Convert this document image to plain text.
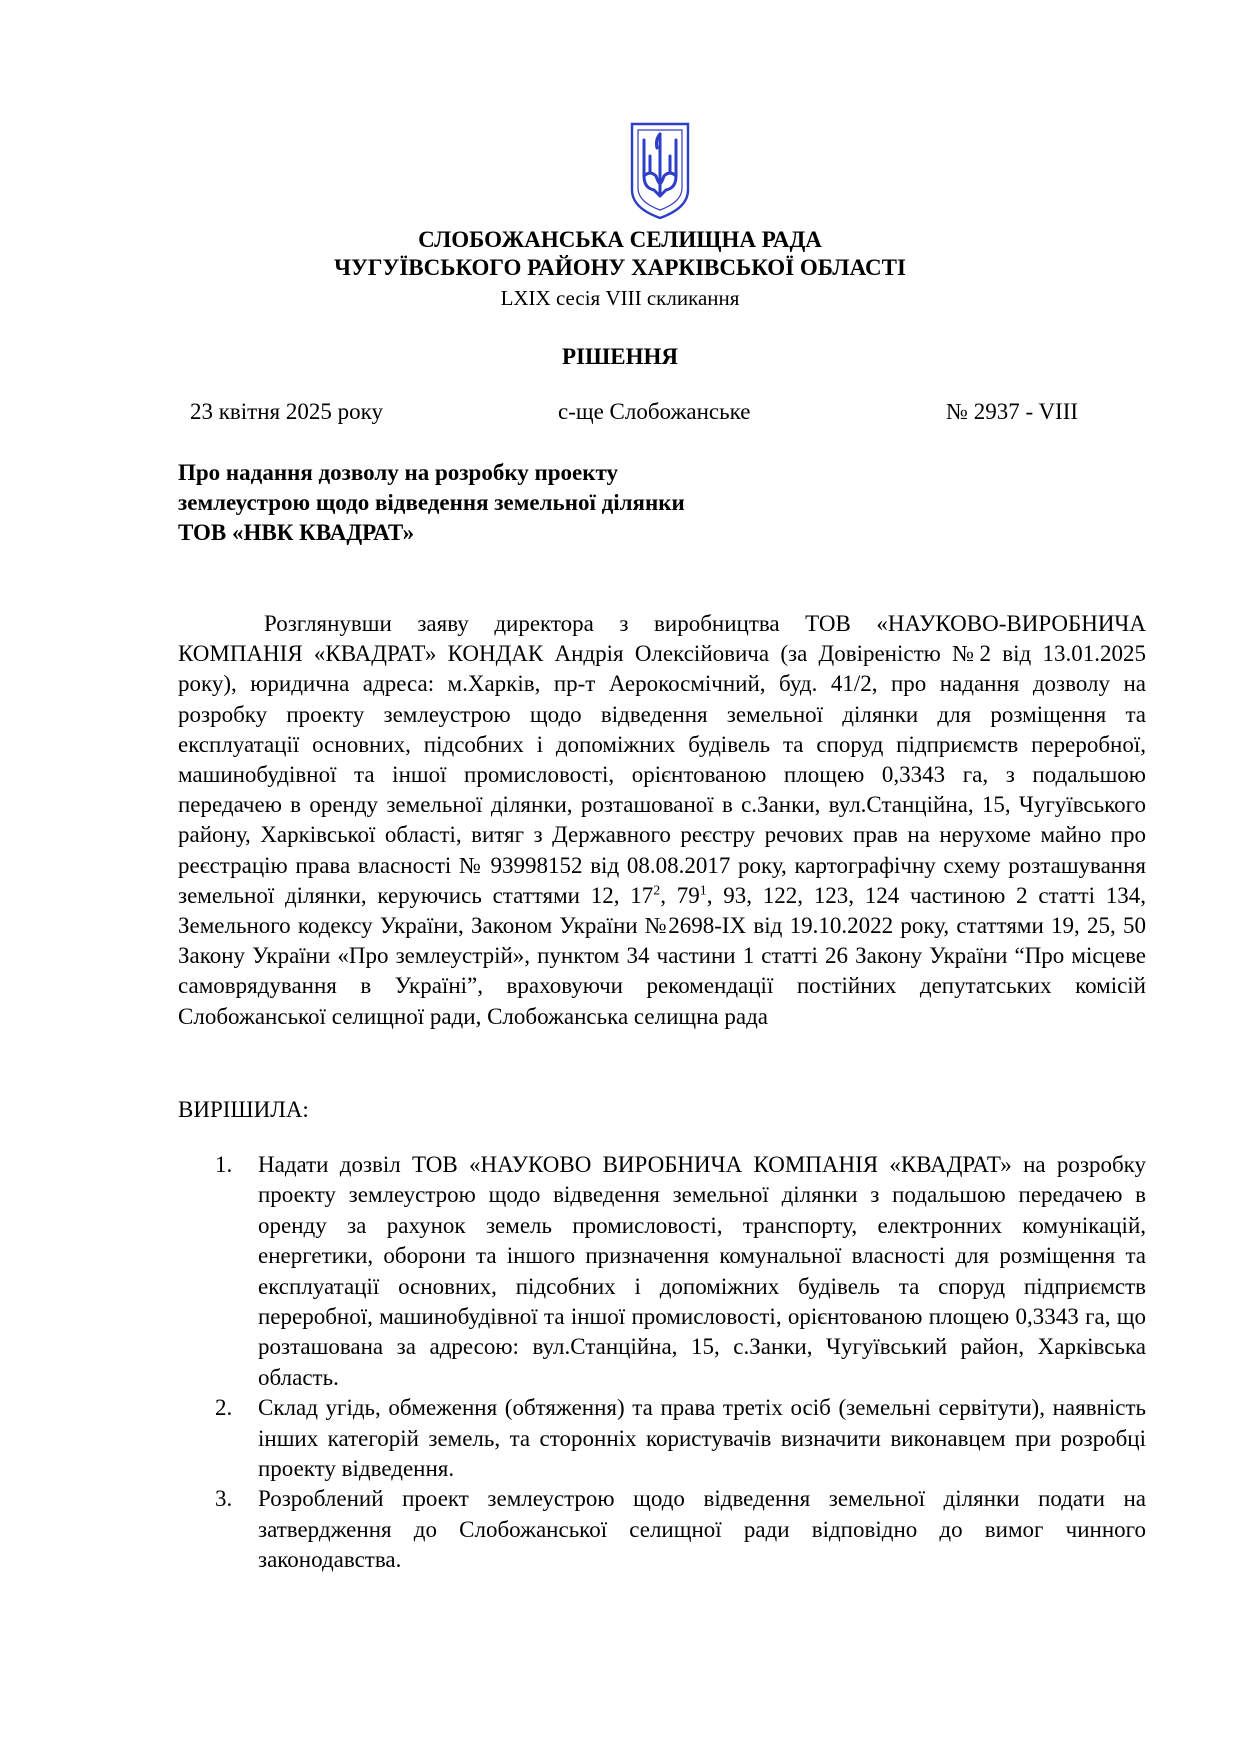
СЛОБОЖАНСЬКА СЕЛИЩНА РАДА
ЧУГУЇВСЬКОГО РАЙОНУ ХАРКІВСЬКОЇ ОБЛАСТІ
LXIX сесія VIII скликання
РІШЕННЯ
23 квітня 2025 року	с-ще Слобожанське	№ 2937 - VIII
Про надання дозволу на розробку проекту
землеустрою щодо відведення земельної ділянки
ТОВ «НВК КВАДРАТ»

Розглянувши заяву директора з виробництва ТОВ «НАУКОВО-ВИРОБНИЧА КОМПАНІЯ «КВАДРАТ» КОНДАК Андрія Олексійовича (за Довіреністю №2 від 13.01.2025 року), юридична адреса: м.Харків, пр-т Аерокосмічний, буд. 41/2, про надання дозволу на розробку проекту землеустрою щодо відведення земельної ділянки для розміщення та експлуатації основних, підсобних і допоміжних будівель та споруд підприємств переробної, машинобудівної та іншої промисловості, орієнтованою площею 0,3343 га, з подальшою передачею в оренду земельної ділянки, розташованої в с.Занки, вул.Станційна, 15, Чугуївського району, Харківської області, витяг з Державного реєстру речових прав на нерухоме майно про реєстрацію права власності № 93998152 від 08.08.2017 року, картографічну схему розташування земельної ділянки, керуючись статтями 12, $17^2$, $79^1$, 93, 122, 123, 124 частиною 2 статті 134, Земельного кодексу України, Законом України №2698-IX від 19.10.2022 року, статтями 19, 25, 50 Закону України «Про землеустрій», пунктом 34 частини 1 статті 26 Закону України “Про місцеве самоврядування в Україні”, враховуючи рекомендації постійних депутатських комісій Слобожанської селищної ради, Слобожанська селищна рада

ВИРІШИЛА:
1. Надати дозвіл ТОВ «НАУКОВО ВИРОБНИЧА КОМПАНІЯ «КВАДРАТ» на розробку проекту землеустрою щодо відведення земельної ділянки з подальшою передачею в оренду за рахунок земель промисловості, транспорту, електронних комунікацій, енергетики, оборони та іншого призначення комунальної власності для розміщення та експлуатації основних, підсобних і допоміжних будівель та споруд підприємств переробної, машинобудівної та іншої промисловості, орієнтованою площею 0,3343 га, що розташована за адресою: вул.Станційна, 15, с.Занки, Чугуївський район, Харківська область.
2. Склад угідь, обмеження (обтяження) та права третіх осіб (земельні сервітути), наявність інших категорій земель, та сторонніх користувачів визначити виконавцем при розробці проекту відведення.
3. Розроблений проект землеустрою щодо відведення земельної ділянки подати на затвердження до Слобожанської селищної ради відповідно до вимог чинного законодавства.
